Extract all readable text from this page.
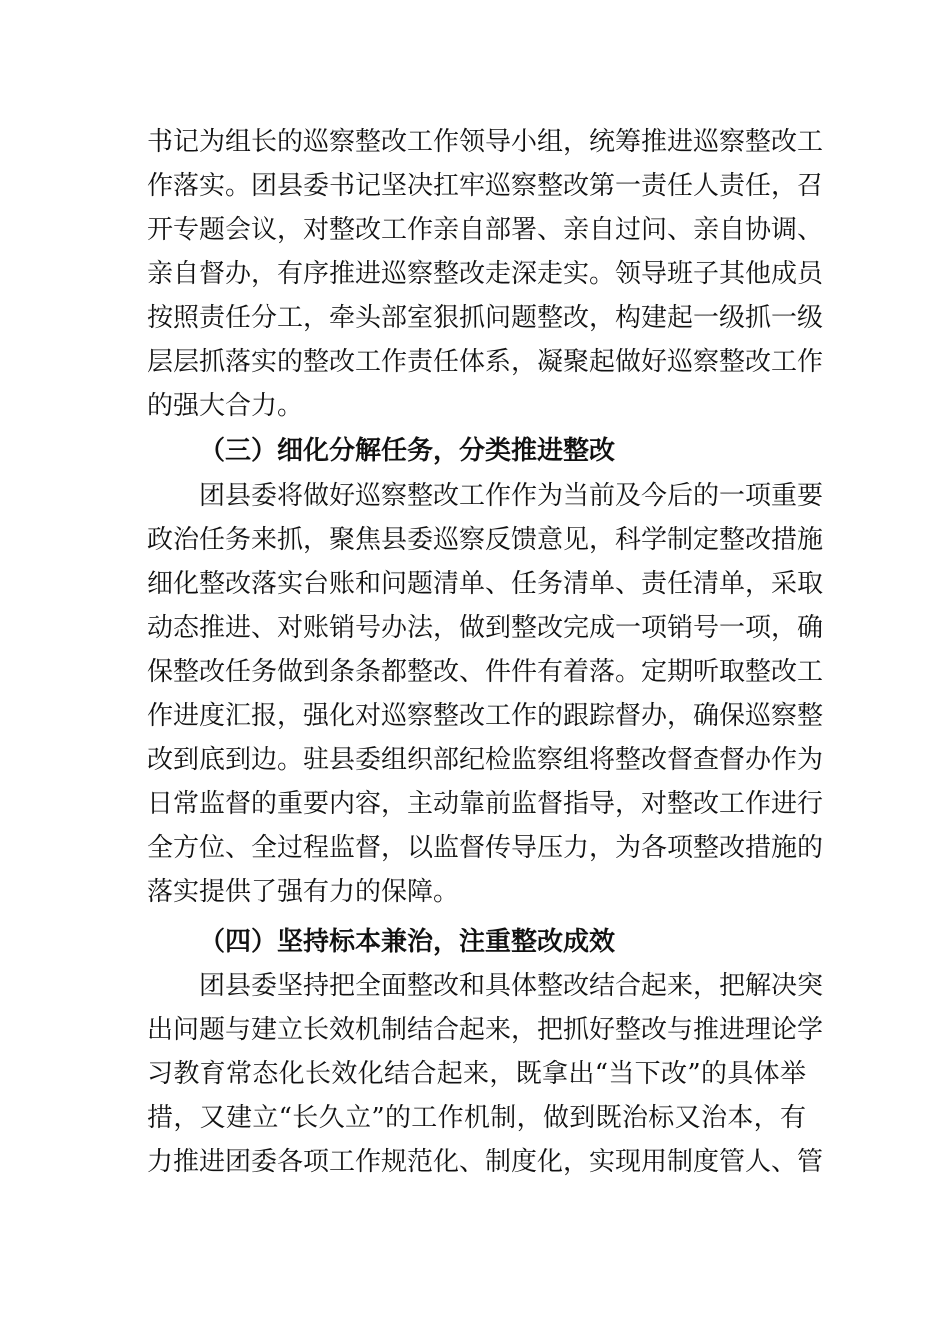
书记为组长的巡察整改工作领导小组，统筹推进巡察整改工
作落实。团县委书记坚决扛牢巡察整改第一责任人责任，召
开专题会议，对整改工作亲自部署、亲自过问、亲自协调、
亲自督办，有序推进巡察整改走深走实。领导班子其他成员
按照责任分工，牵头部室狠抓问题整改，构建起一级抓一级
层层抓落实的整改工作责任体系，凝聚起做好巡察整改工作
的强大合力。
（三）细化分解任务，分类推进整改
团县委将做好巡察整改工作作为当前及今后的一项重要
政治任务来抓，聚焦县委巡察反馈意见，科学制定整改措施
细化整改落实台账和问题清单、任务清单、责任清单，采取
动态推进、对账销号办法，做到整改完成一项销号一项，确
保整改任务做到条条都整改、件件有着落。定期听取整改工
作进度汇报，强化对巡察整改工作的跟踪督办，确保巡察整
改到底到边。驻县委组织部纪检监察组将整改督查督办作为
日常监督的重要内容，主动靠前监督指导，对整改工作进行
全方位、全过程监督，以监督传导压力，为各项整改措施的
落实提供了强有力的保障。
（四）坚持标本兼治，注重整改成效
团县委坚持把全面整改和具体整改结合起来，把解决突
出问题与建立长效机制结合起来，把抓好整改与推进理论学
习教育常态化长效化结合起来，既拿出“当下改”的具体举
措，又建立“长久立”的工作机制，做到既治标又治本，有
力推进团委各项工作规范化、制度化，实现用制度管人、管
